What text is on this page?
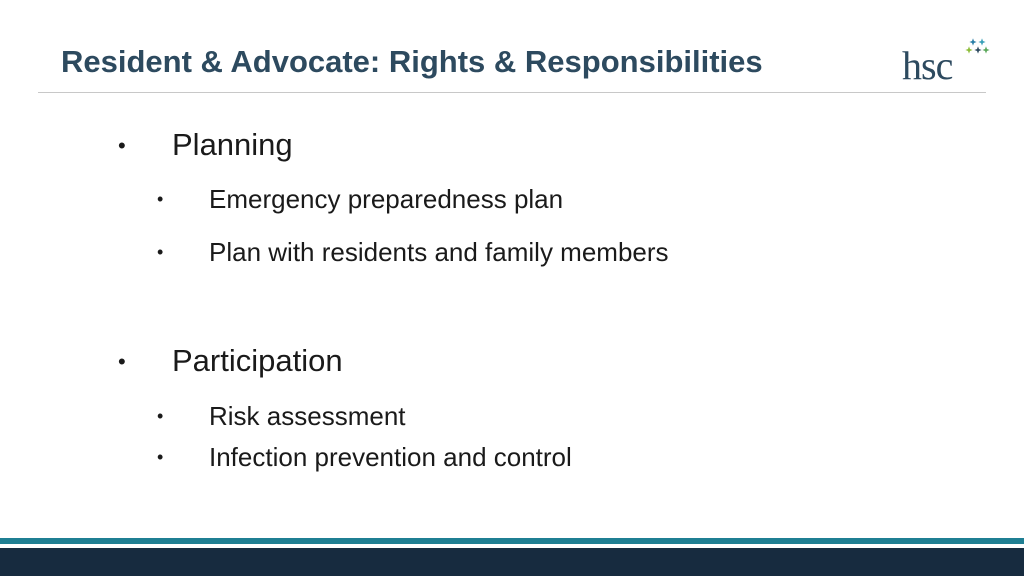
Resident & Advocate: Rights & Responsibilities	hsc
• Planning
• Emergency preparedness plan
• Plan with residents and family members
• Participation
• Risk assessment
• Infection prevention and control
